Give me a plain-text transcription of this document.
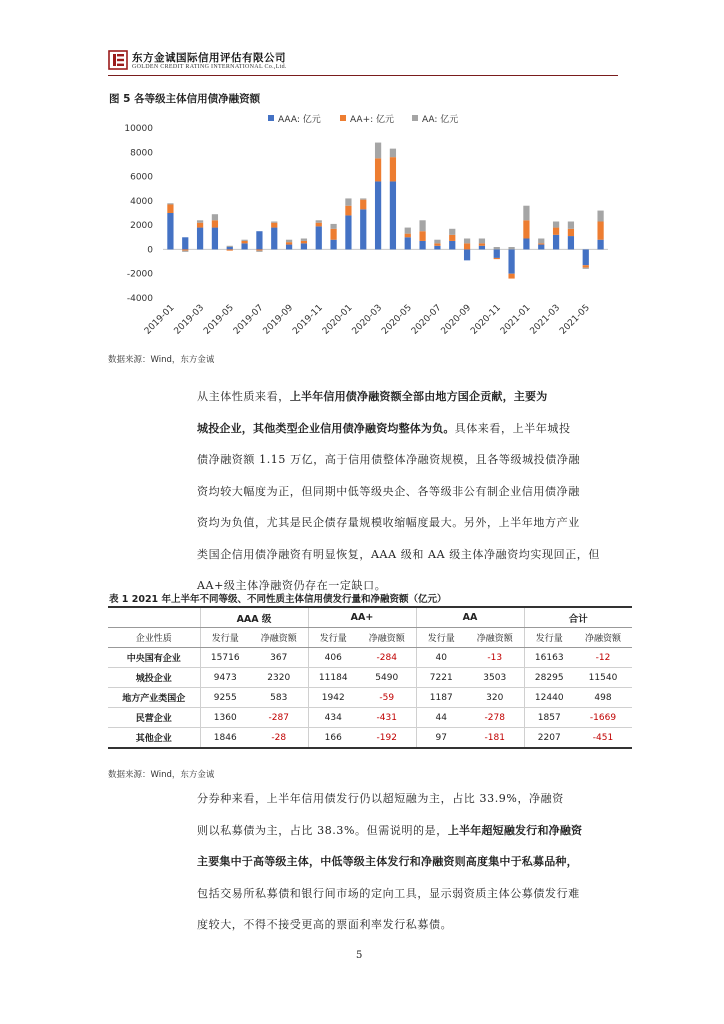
东方金诚国际信用评估有限公司
GOLDEN CREDIT RATING INTERNATIONAL Co.,Ltd.
图 5 各等级主体信用债净融资额
10000
8000
6000
4000
2000
0
-2000
-4000
2019-01
2019-03
2019-05
2019-07
2019-09
2019-11
2020-01
2020-03
2020-05
2020-07
2020-09
2020-11
2021-01
2021-03
2021-05
AAA: 亿元	AA+: 亿元	AA: 亿元
数据来源：Wind，东方金诚
从主体性质来看，上半年信用债净融资额全部由地方国企贡献，主要为
城投企业，其他类型企业信用债净融资均整体为负。具体来看，上半年城投
债净融资额 1.15 万亿，高于信用债整体净融资规模，且各等级城投债净融
资均较大幅度为正，但同期中低等级央企、各等级非公有制企业信用债净融
资均为负值，尤其是民企债存量规模收缩幅度最大。另外，上半年地方产业
类国企信用债净融资有明显恢复，AAA 级和 AA 级主体净融资均实现回正，但
AA+级主体净融资仍存在一定缺口。
表 1 2021 年上半年不同等级、不同性质主体信用债发行量和净融资额（亿元）
	AAA 级		AA+		AA		合计	
企业性质	发行量	净融资额	发行量	净融资额	发行量	净融资额	发行量	净融资额
中央国有企业	15716	367	406	-284	40	-13	16163	-12
城投企业	9473	2320	11184	5490	7221	3503	28295	11540
地方产业类国企	9255	583	1942	-59	1187	320	12440	498
民营企业	1360	-287	434	-431	44	-278	1857	-1669
其他企业	1846	-28	166	-192	97	-181	2207	-451
数据来源：Wind，东方金诚
分券种来看，上半年信用债发行仍以超短融为主，占比 33.9%，净融资
则以私募债为主，占比 38.3%。但需说明的是，上半年超短融发行和净融资
主要集中于高等级主体，中低等级主体发行和净融资则高度集中于私募品种，
包括交易所私募债和银行间市场的定向工具，显示弱资质主体公募债发行难
度较大，不得不接受更高的票面利率发行私募债。
5
